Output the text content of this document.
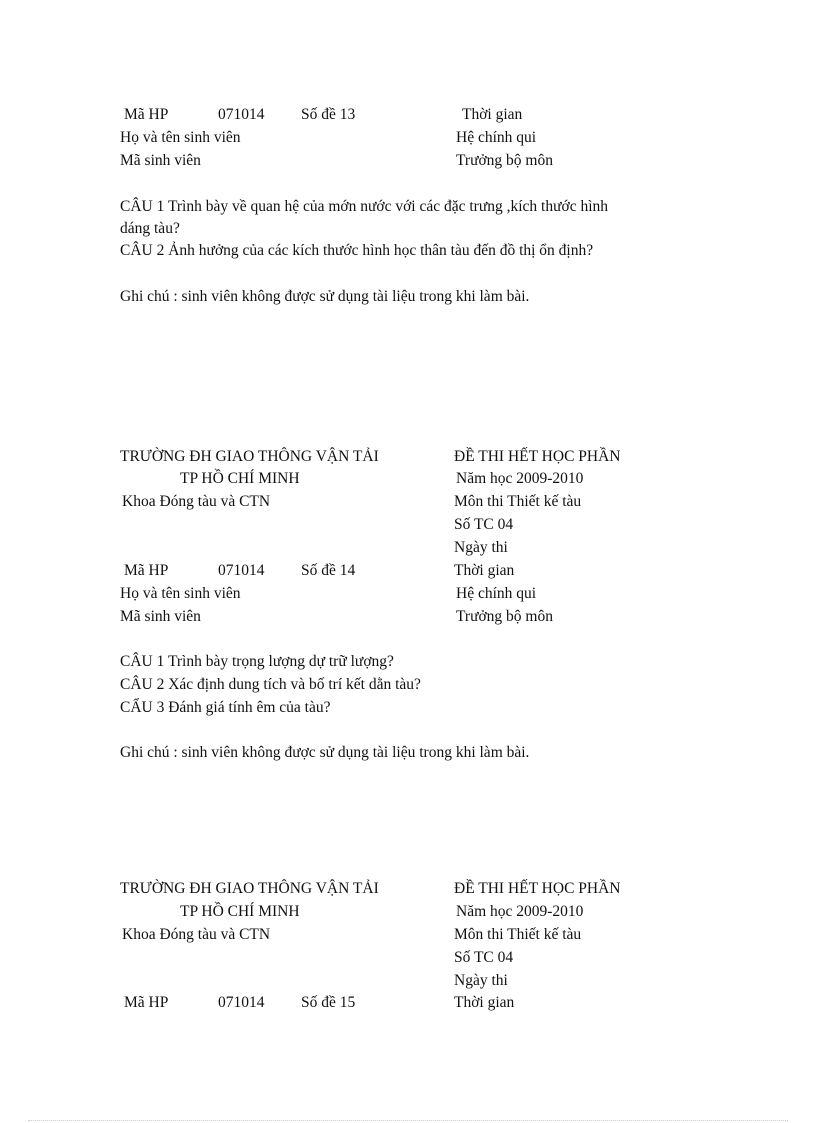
Mã HP	071014 Số đề 13	Thời gian
Họ và tên sinh viên	Hệ chính qui
Mã sinh viên	Trưởng bộ môn
CÂU 1 Trình bày về quan hệ của mớn nước với các đặc trưng ,kích thước hình
dáng tàu?
CÂU 2 Ảnh hưởng của các kích thước hình học thân tàu đến đồ thị ổn định?
Ghi chú : sinh viên không được sử dụng tài liệu trong khi làm bài.
TRƯỜNG ĐH GIAO THÔNG VẬN TẢI
TP HỒ CHÍ MINH
Khoa Đóng tàu và CTN
ĐỀ THI HẾT HỌC PHẦN
Năm học 2009-2010
Môn thi Thiết kế tàu
Số TC 04
Ngày thi
Mã HP	071014 Số đề 14	Thời gian
Họ và tên sinh viên	Hệ chính qui
Mã sinh viên	Trưởng bộ môn
CÂU 1 Trình bày trọng lượng dự trữ lượng?
CÂU 2 Xác định dung tích và bố trí kết dằn tàu?
CẨU 3 Đánh giá tính êm của tàu?
Ghi chú : sinh viên không được sử dụng tài liệu trong khi làm bài.
TRƯỜNG ĐH GIAO THÔNG VẬN TẢI
TP HỒ CHÍ MINH
Khoa Đóng tàu và CTN
ĐỀ THI HẾT HỌC PHẦN
Năm học 2009-2010
Môn thi Thiết kế tàu
Số TC 04
Ngày thi
Mã HP	071014 Số đề 15	Thời gian
